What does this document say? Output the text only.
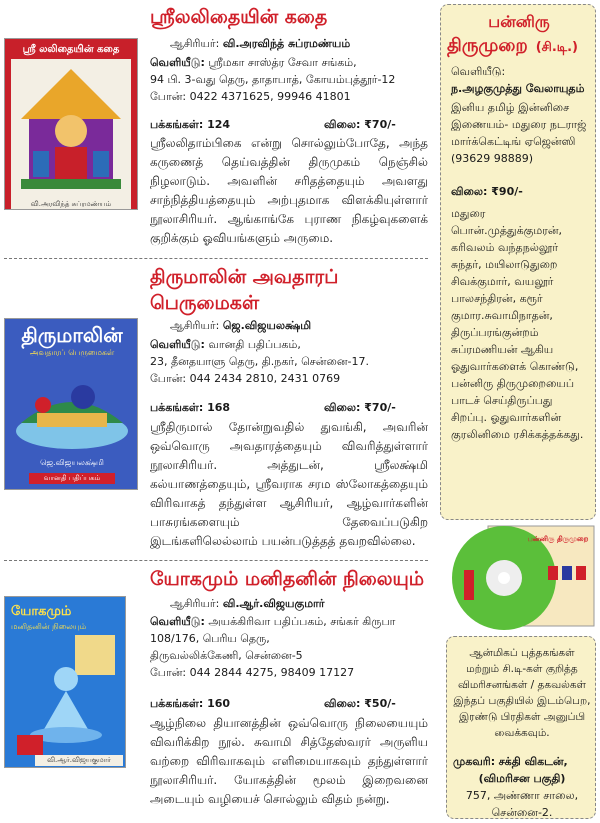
ஸ்ரீ லலிதையின் கதை
வி.அரவிந்த் சுப்ரமண்யம்
ஸ்ரீலலிதையின் கதை
ஆசிரியர்: வி.அரவிந்த் சுப்ரமண்யம்
வெளியீடு: ஸ்ரீமகா சாஸ்த்ர சேவா சங்கம்,
94 பி. 3-வது தெரு, தாதாபாத், கோயம்புத்தூர்-12
போன்: 0422 4371625, 99946 41801
பக்கங்கள்: 124	விலை: ₹70/-
ஸ்ரீலலிதாம்பிகை என்று சொல்லும்போதே, அந்த கருணைத் தெய்வத்தின் திருமுகம் நெஞ்சில் நிழலாடும். அவளின் சரிதத்தையும் அவளது சாந்நித்தியத்தையும் அற்புதமாக விளக்கியுள்ளார் நூலாசிரியர். ஆங்காங்கே புராண நிகழ்வுகளைக் குறிக்கும் ஓவியங்களும் அருமை.
திருமாலின்
அவதாரப் பெருமைகள்
ஜெ.விஜயலக்ஷ்மி
வானதி பதிப்பகம்
திருமாலின் அவதாரப் பெருமைகள்
ஆசிரியர்: ஜெ.விஜயலக்ஷ்மி
வெளியீடு: வானதி பதிப்பகம்,
23, தீனதயாளு தெரு, தி.நகர், சென்னை-17.
போன்: 044 2434 2810, 2431 0769
பக்கங்கள்: 168	விலை: ₹70/-
ஸ்ரீதிருமால் தோன்றுவதில் துவங்கி, அவரின் ஒவ்வொரு அவதாரத்தையும் விவரித்துள்ளார் நூலாசிரியர். அத்துடன், ஸ்ரீலக்ஷ்மி கல்யாணத்தையும், ஸ்ரீவராக சரம ஸ்லோகத்தையும் விரிவாகத் தந்துள்ள ஆசிரியர், ஆழ்வார்களின் பாசுரங்களையும் தேவைப்படுகிற இடங்களிலெல்லாம் பயன்படுத்தத் தவறவில்லை.
யோகமும்
மனிதனின் நிலையும்
வி.ஆர்.விஜயகுமார்
யோகமும் மனிதனின் நிலையும்
ஆசிரியர்: வி.ஆர்.விஜயகுமார்
வெளியீடு: அயக்கிரிவா பதிப்பகம், சங்கர் கிருபா
108/176, பெரிய தெரு,
திருவல்லிக்கேணி, சென்னை-5
போன்: 044 2844 4275, 98409 17127
பக்கங்கள்: 160	விலை: ₹50/-
ஆழ்நிலை தியானத்தின் ஒவ்வொரு நிலையையும் விவரிக்கிற நூல். சுவாமி சித்தேஸ்வரர் அருளிய வற்றை விரிவாகவும் எளிமையாகவும் தந்துள்ளார் நூலாசிரியர். யோகத்தின் மூலம் இறைவனை அடையும் வழியைச் சொல்லும் விதம் நன்று.
பன்னிரு
திருமுறை (சி.டி.)
வெளியீடு:
ந.அழகுமுத்து வேலாயுதம்
இனிய தமிழ் இன்னிசை இணையம்- மதுரை நடராஜ் மார்க்கெட்டிங் ஏஜென்ஸி (93629 98889)
விலை: ₹90/-
மதுரை பொன்.முத்துக்குமரன், கரிவலம் வந்தநல்லூர் சுந்தர், மயிலாடுதுறை சிவக்குமார், வயலூர் பாலசந்திரன், கரூர் குமார.சுவாமிநாதன், திருப்பரங்குன்றம் சுப்ரமணியன் ஆகிய ஓதுவார்களைக் கொண்டு, பன்னிரு திருமுறையைப் பாடச் செய்திருப்பது சிறப்பு. ஓதுவார்களின் குரலினிமை ரசிக்கத்தக்கது.
பன்னிரு திருமுறை
ஆன்மிகப் புத்தகங்கள் மற்றும் சி.டி-கள் குறித்த விமரிசனங்கள் / தகவல்கள் இந்தப் பகுதியில் இடம்பெற, இரண்டு பிரதிகள் அனுப்பி வைக்கவும்.
முகவரி: சக்தி விகடன்,
(விமரிசன பகுதி)
757, அண்ணா சாலை,
சென்னை-2.
